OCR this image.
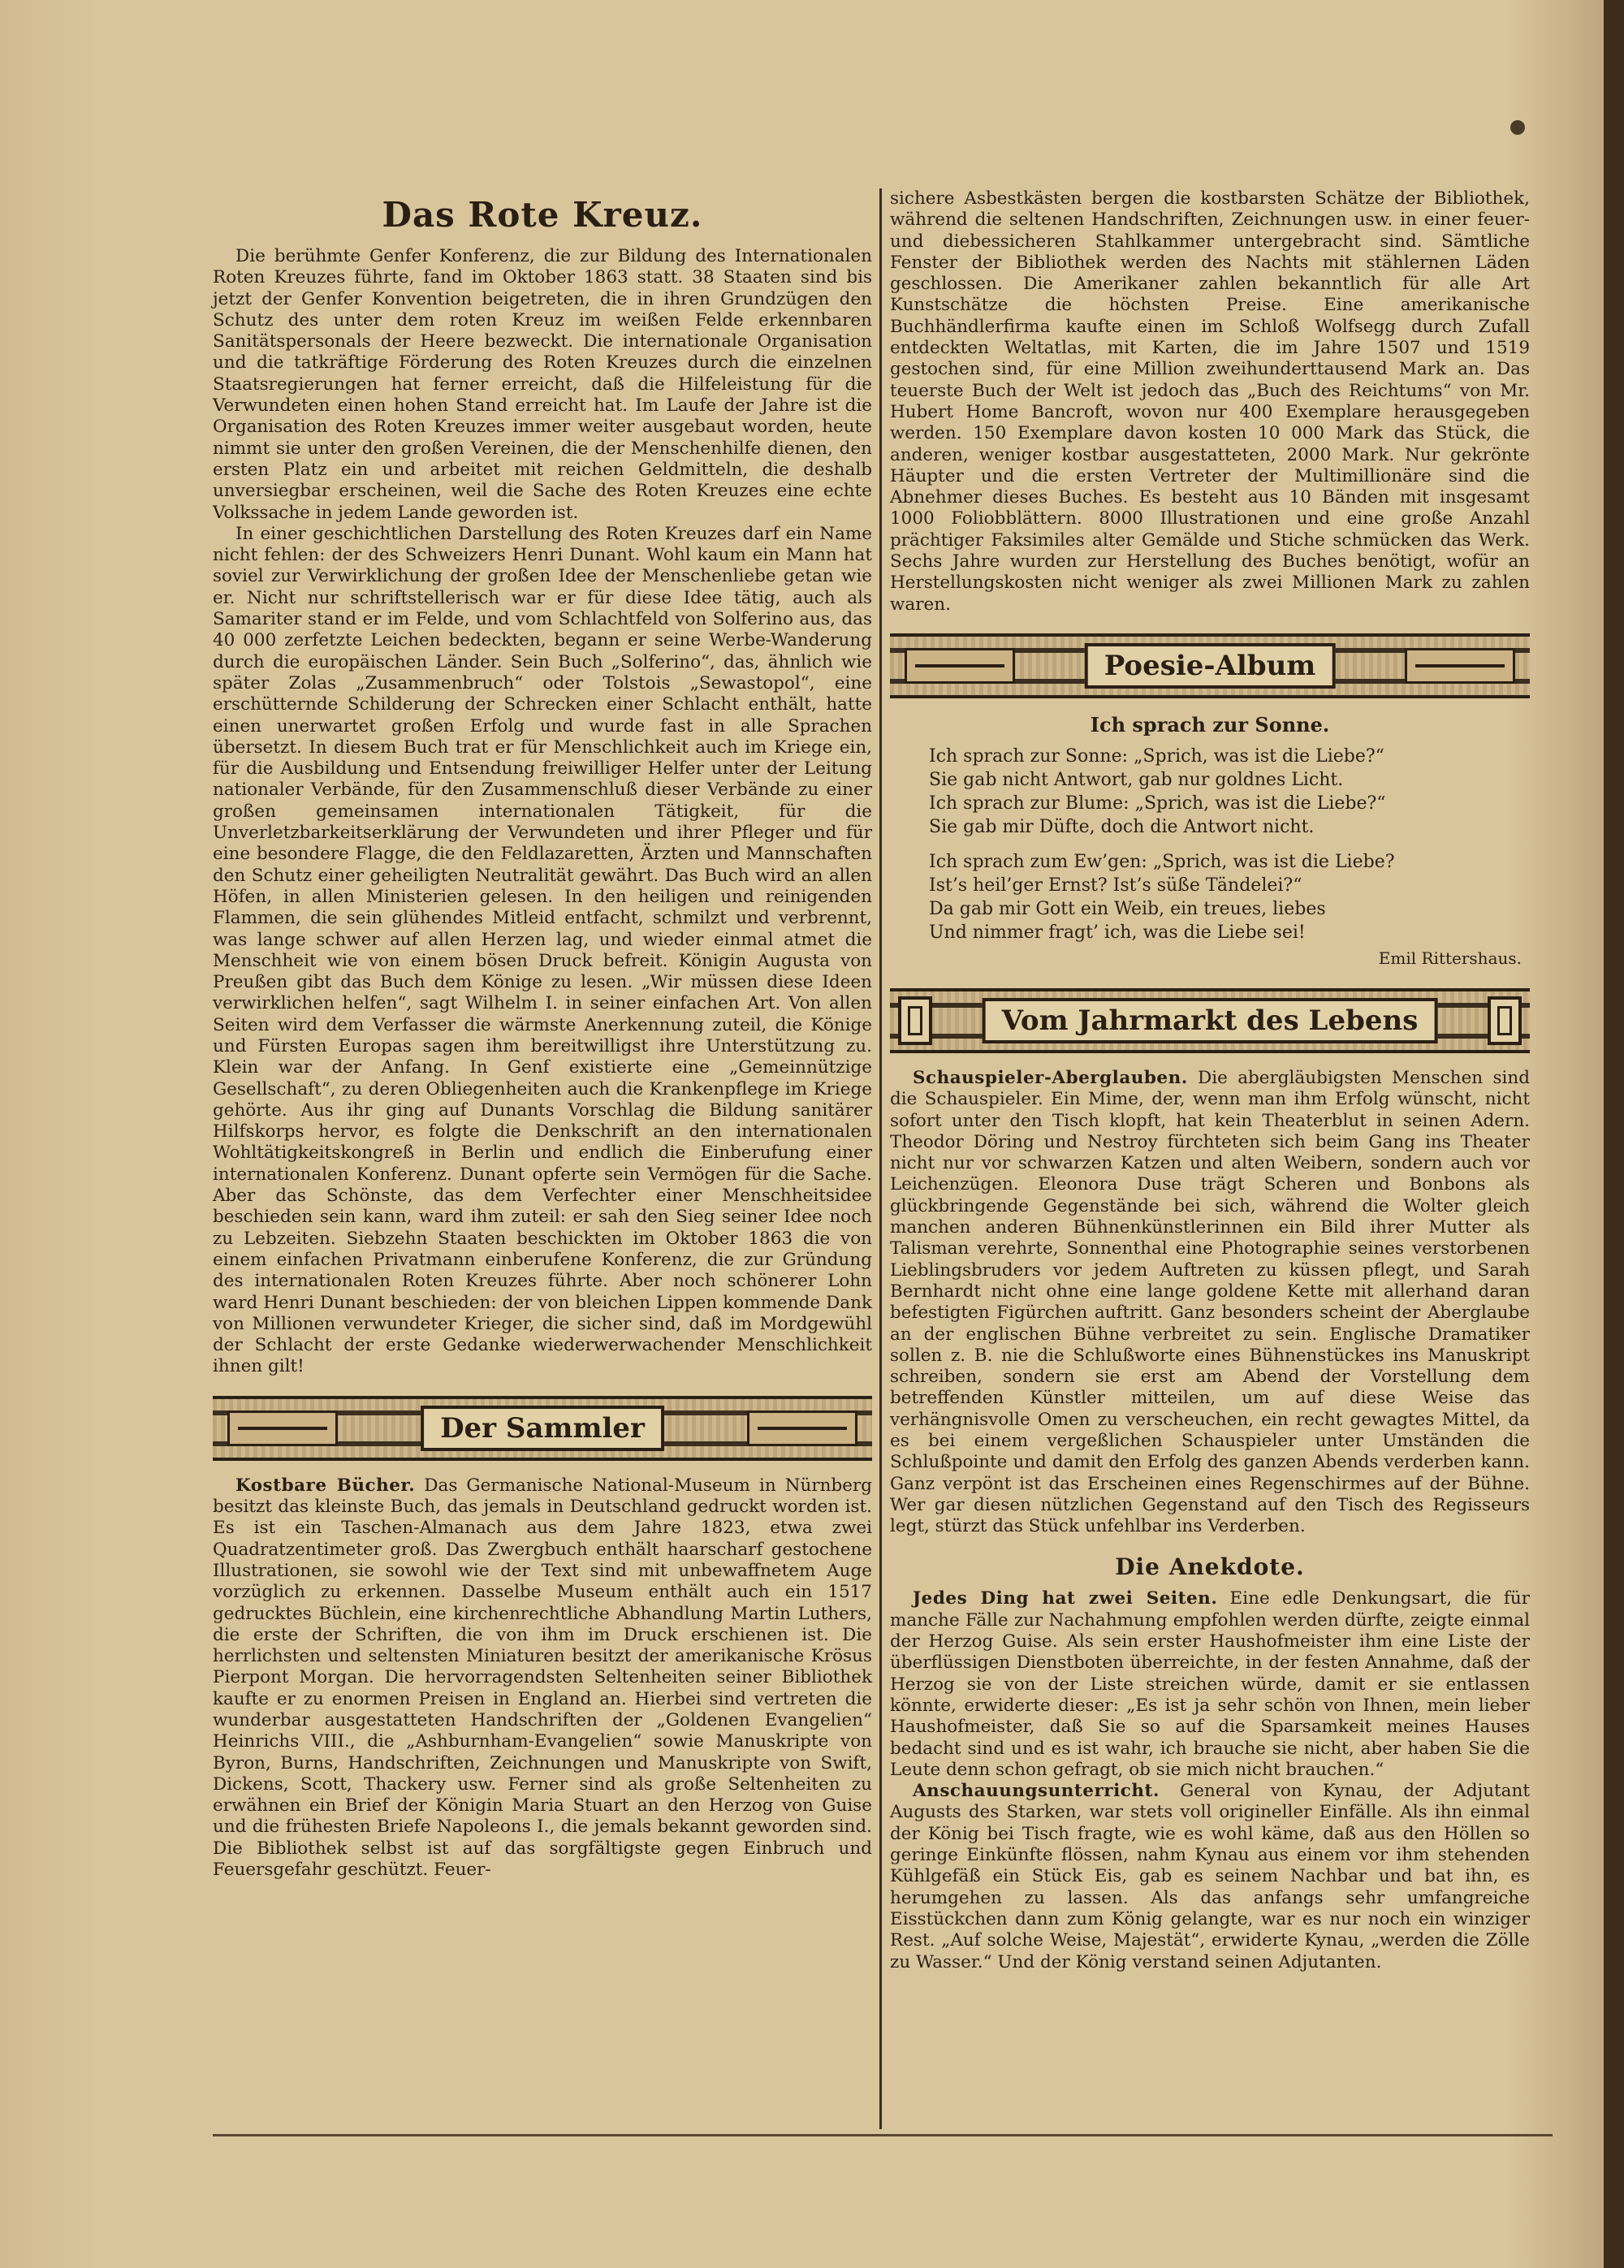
Das Rote Kreuz.

Die berühmte Genfer Konferenz, die zur Bildung des Internationalen Roten Kreuzes führte, fand im Oktober 1863 statt. 38 Staaten sind bis jetzt der Genfer Konvention beigetreten, die in ihren Grundzügen den Schutz des unter dem roten Kreuz im weißen Felde erkennbaren Sanitätspersonals der Heere bezweckt. Die internationale Organisation und die tatkräftige Förderung des Roten Kreuzes durch die einzelnen Staatsregierungen hat ferner erreicht, daß die Hilfeleistung für die Verwundeten einen hohen Stand erreicht hat. Im Laufe der Jahre ist die Organisation des Roten Kreuzes immer weiter ausgebaut worden, heute nimmt sie unter den großen Vereinen, die der Menschenhilfe dienen, den ersten Platz ein und arbeitet mit reichen Geldmitteln, die deshalb unversiegbar erscheinen, weil die Sache des Roten Kreuzes eine echte Volkssache in jedem Lande geworden ist.

In einer geschichtlichen Darstellung des Roten Kreuzes darf ein Name nicht fehlen: der des Schweizers Henri Dunant. Wohl kaum ein Mann hat soviel zur Verwirklichung der großen Idee der Menschenliebe getan wie er. Nicht nur schriftstellerisch war er für diese Idee tätig, auch als Samariter stand er im Felde, und vom Schlachtfeld von Solferino aus, das 40 000 zerfetzte Leichen bedeckten, begann er seine Werbe-Wanderung durch die europäischen Länder. Sein Buch „Solferino“, das, ähnlich wie später Zolas „Zusammenbruch“ oder Tolstois „Sewastopol“, eine erschütternde Schilderung der Schrecken einer Schlacht enthält, hatte einen unerwartet großen Erfolg und wurde fast in alle Sprachen übersetzt. In diesem Buch trat er für Menschlichkeit auch im Kriege ein, für die Ausbildung und Entsendung freiwilliger Helfer unter der Leitung nationaler Verbände, für den Zusammenschluß dieser Verbände zu einer großen gemeinsamen internationalen Tätigkeit, für die Unverletzbarkeitserklärung der Verwundeten und ihrer Pfleger und für eine besondere Flagge, die den Feldlazaretten, Ärzten und Mannschaften den Schutz einer geheiligten Neutralität gewährt. Das Buch wird an allen Höfen, in allen Ministerien gelesen. In den heiligen und reinigenden Flammen, die sein glühendes Mitleid entfacht, schmilzt und verbrennt, was lange schwer auf allen Herzen lag, und wieder einmal atmet die Menschheit wie von einem bösen Druck befreit. Königin Augusta von Preußen gibt das Buch dem Könige zu lesen. „Wir müssen diese Ideen verwirklichen helfen“, sagt Wilhelm I. in seiner einfachen Art. Von allen Seiten wird dem Verfasser die wärmste Anerkennung zuteil, die Könige und Fürsten Europas sagen ihm bereitwilligst ihre Unterstützung zu. Klein war der Anfang. In Genf existierte eine „Gemeinnützige Gesellschaft“, zu deren Obliegenheiten auch die Krankenpflege im Kriege gehörte. Aus ihr ging auf Dunants Vorschlag die Bildung sanitärer Hilfskorps hervor, es folgte die Denkschrift an den internationalen Wohltätigkeitskongreß in Berlin und endlich die Einberufung einer internationalen Konferenz. Dunant opferte sein Vermögen für die Sache. Aber das Schönste, das dem Verfechter einer Menschheitsidee beschieden sein kann, ward ihm zuteil: er sah den Sieg seiner Idee noch zu Lebzeiten. Siebzehn Staaten beschickten im Oktober 1863 die von einem einfachen Privatmann einberufene Konferenz, die zur Gründung des internationalen Roten Kreuzes führte. Aber noch schönerer Lohn ward Henri Dunant beschieden: der von bleichen Lippen kommende Dank von Millionen verwundeter Krieger, die sicher sind, daß im Mordgewühl der Schlacht der erste Gedanke wiederwerwachender Menschlichkeit ihnen gilt!

Der Sammler

Kostbare Bücher. Das Germanische National-Museum in Nürnberg besitzt das kleinste Buch, das jemals in Deutschland gedruckt worden ist. Es ist ein Taschen-Almanach aus dem Jahre 1823, etwa zwei Quadratzentimeter groß. Das Zwergbuch enthält haarscharf gestochene Illustrationen, sie sowohl wie der Text sind mit unbewaffnetem Auge vorzüglich zu erkennen. Dasselbe Museum enthält auch ein 1517 gedrucktes Büchlein, eine kirchenrechtliche Abhandlung Martin Luthers, die erste der Schriften, die von ihm im Druck erschienen ist. Die herrlichsten und seltensten Miniaturen besitzt der amerikanische Krösus Pierpont Morgan. Die hervorragendsten Seltenheiten seiner Bibliothek kaufte er zu enormen Preisen in England an. Hierbei sind vertreten die wunderbar ausgestatteten Handschriften der „Goldenen Evangelien“ Heinrichs VIII., die „Ashburnham-Evangelien“ sowie Manuskripte von Byron, Burns, Handschriften, Zeichnungen und Manuskripte von Swift, Dickens, Scott, Thackery usw. Ferner sind als große Seltenheiten zu erwähnen ein Brief der Königin Maria Stuart an den Herzog von Guise und die frühesten Briefe Napoleons I., die jemals bekannt geworden sind. Die Bibliothek selbst ist auf das sorgfältigste gegen Einbruch und Feuersgefahr geschützt. Feuer-

sichere Asbestkästen bergen die kostbarsten Schätze der Bibliothek, während die seltenen Handschriften, Zeichnungen usw. in einer feuer- und diebessicheren Stahlkammer untergebracht sind. Sämtliche Fenster der Bibliothek werden des Nachts mit stählernen Läden geschlossen. Die Amerikaner zahlen bekanntlich für alle Art Kunstschätze die höchsten Preise. Eine amerikanische Buchhändlerfirma kaufte einen im Schloß Wolfsegg durch Zufall entdeckten Weltatlas, mit Karten, die im Jahre 1507 und 1519 gestochen sind, für eine Million zweihunderttausend Mark an. Das teuerste Buch der Welt ist jedoch das „Buch des Reichtums“ von Mr. Hubert Home Bancroft, wovon nur 400 Exemplare herausgegeben werden. 150 Exemplare davon kosten 10 000 Mark das Stück, die anderen, weniger kostbar ausgestatteten, 2000 Mark. Nur gekrönte Häupter und die ersten Vertreter der Multimillionäre sind die Abnehmer dieses Buches. Es besteht aus 10 Bänden mit insgesamt 1000 Foliobblättern. 8000 Illustrationen und eine große Anzahl prächtiger Faksimiles alter Gemälde und Stiche schmücken das Werk. Sechs Jahre wurden zur Herstellung des Buches benötigt, wofür an Herstellungskosten nicht weniger als zwei Millionen Mark zu zahlen waren.

Poesie-Album
Ich sprach zur Sonne.
Ich sprach zur Sonne: „Sprich, was ist die Liebe?“
Sie gab nicht Antwort, gab nur goldnes Licht.
Ich sprach zur Blume: „Sprich, was ist die Liebe?“
Sie gab mir Düfte, doch die Antwort nicht.
Ich sprach zum Ew’gen: „Sprich, was ist die Liebe?
Ist’s heil’ger Ernst? Ist’s süße Tändelei?“
Da gab mir Gott ein Weib, ein treues, liebes
Und nimmer fragt’ ich, was die Liebe sei!
Emil Rittershaus.
Vom Jahrmarkt des Lebens

Schauspieler-Aberglauben. Die abergläubigsten Menschen sind die Schauspieler. Ein Mime, der, wenn man ihm Erfolg wünscht, nicht sofort unter den Tisch klopft, hat kein Theaterblut in seinen Adern. Theodor Döring und Nestroy fürchteten sich beim Gang ins Theater nicht nur vor schwarzen Katzen und alten Weibern, sondern auch vor Leichenzügen. Eleonora Duse trägt Scheren und Bonbons als glückbringende Gegenstände bei sich, während die Wolter gleich manchen anderen Bühnenkünstlerinnen ein Bild ihrer Mutter als Talisman verehrte, Sonnenthal eine Photographie seines verstorbenen Lieblingsbruders vor jedem Auftreten zu küssen pflegt, und Sarah Bernhardt nicht ohne eine lange goldene Kette mit allerhand daran befestigten Figürchen auftritt. Ganz besonders scheint der Aberglaube an der englischen Bühne verbreitet zu sein. Englische Dramatiker sollen z. B. nie die Schlußworte eines Bühnenstückes ins Manuskript schreiben, sondern sie erst am Abend der Vorstellung dem betreffenden Künstler mitteilen, um auf diese Weise das verhängnisvolle Omen zu verscheuchen, ein recht gewagtes Mittel, da es bei einem vergeßlichen Schauspieler unter Umständen die Schlußpointe und damit den Erfolg des ganzen Abends verderben kann. Ganz verpönt ist das Erscheinen eines Regenschirmes auf der Bühne. Wer gar diesen nützlichen Gegenstand auf den Tisch des Regisseurs legt, stürzt das Stück unfehlbar ins Verderben.

Die Anekdote.

Jedes Ding hat zwei Seiten. Eine edle Denkungsart, die für manche Fälle zur Nachahmung empfohlen werden dürfte, zeigte einmal der Herzog Guise. Als sein erster Haushofmeister ihm eine Liste der überflüssigen Dienstboten überreichte, in der festen Annahme, daß der Herzog sie von der Liste streichen würde, damit er sie entlassen könnte, erwiderte dieser: „Es ist ja sehr schön von Ihnen, mein lieber Haushofmeister, daß Sie so auf die Sparsamkeit meines Hauses bedacht sind und es ist wahr, ich brauche sie nicht, aber haben Sie die Leute denn schon gefragt, ob sie mich nicht brauchen.“

Anschauungsunterricht. General von Kynau, der Adjutant Augusts des Starken, war stets voll origineller Einfälle. Als ihn einmal der König bei Tisch fragte, wie es wohl käme, daß aus den Höllen so geringe Einkünfte flössen, nahm Kynau aus einem vor ihm stehenden Kühlgefäß ein Stück Eis, gab es seinem Nachbar und bat ihn, es herumgehen zu lassen. Als das anfangs sehr umfangreiche Eisstückchen dann zum König gelangte, war es nur noch ein winziger Rest. „Auf solche Weise, Majestät“, erwiderte Kynau, „werden die Zölle zu Wasser.“ Und der König verstand seinen Adjutanten.
